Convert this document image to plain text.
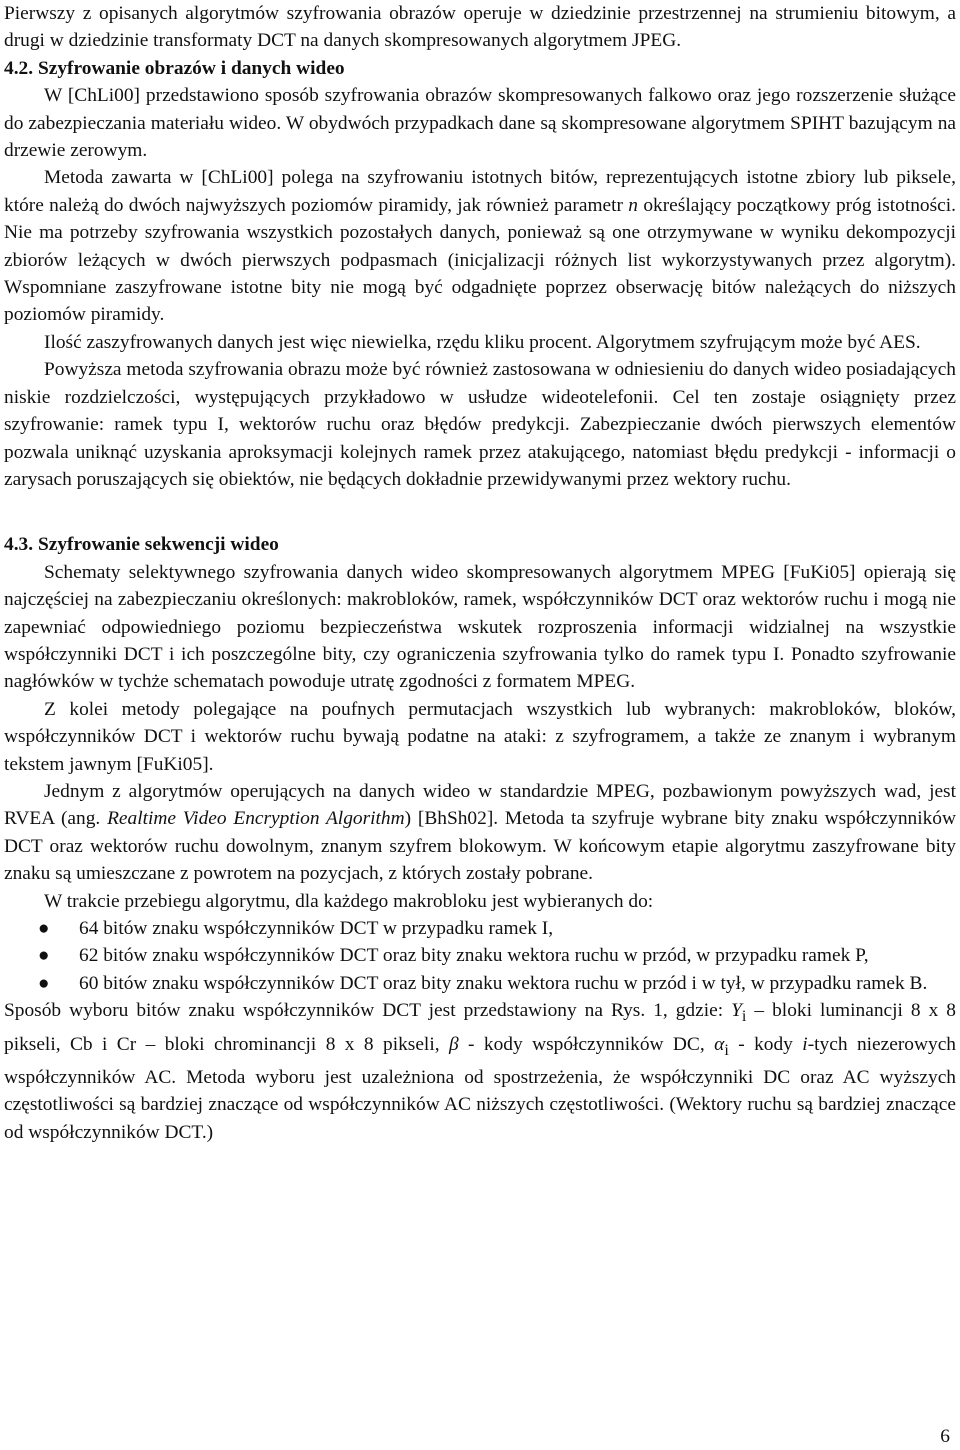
Pierwszy z opisanych algorytmów szyfrowania obrazów operuje w dziedzinie przestrzennej na strumieniu bitowym, a drugi w dziedzinie transformaty DCT na danych skompresowanych algorytmem JPEG.

4.2. Szyfrowanie obrazów i danych wideo

W [ChLi00] przedstawiono sposób szyfrowania obrazów skompresowanych falkowo oraz jego rozszerzenie służące do zabezpieczania materiału wideo. W obydwóch przypadkach dane są skompresowane algorytmem SPIHT bazującym na drzewie zerowym.

Metoda zawarta w [ChLi00] polega na szyfrowaniu istotnych bitów, reprezentujących istotne zbiory lub piksele, które należą do dwóch najwyższych poziomów piramidy, jak również parametr n określający początkowy próg istotności. Nie ma potrzeby szyfrowania wszystkich pozostałych danych, ponieważ są one otrzymywane w wyniku dekompozycji zbiorów leżących w dwóch pierwszych podpasmach (inicjalizacji różnych list wykorzystywanych przez algorytm). Wspomniane zaszyfrowane istotne bity nie mogą być odgadnięte poprzez obserwację bitów należących do niższych poziomów piramidy.

Ilość zaszyfrowanych danych jest więc niewielka, rzędu kliku procent. Algorytmem szyfrującym może być AES.

Powyższa metoda szyfrowania obrazu może być również zastosowana w odniesieniu do danych wideo posiadających niskie rozdzielczości, występujących przykładowo w usłudze wideotelefonii. Cel ten zostaje osiągnięty przez szyfrowanie: ramek typu I, wektorów ruchu oraz błędów predykcji. Zabezpieczanie dwóch pierwszych elementów pozwala uniknąć uzyskania aproksymacji kolejnych ramek przez atakującego, natomiast błędu predykcji - informacji o zarysach poruszających się obiektów, nie będących dokładnie przewidywanymi przez wektory ruchu.

4.3. Szyfrowanie sekwencji wideo

Schematy selektywnego szyfrowania danych wideo skompresowanych algorytmem MPEG [FuKi05] opierają się najczęściej na zabezpieczaniu określonych: makrobloków, ramek, współczynników DCT oraz wektorów ruchu i mogą nie zapewniać odpowiedniego poziomu bezpieczeństwa wskutek rozproszenia informacji widzialnej na wszystkie współczynniki DCT i ich poszczególne bity, czy ograniczenia szyfrowania tylko do ramek typu I. Ponadto szyfrowanie nagłówków w tychże schematach powoduje utratę zgodności z formatem MPEG.

Z kolei metody polegające na poufnych permutacjach wszystkich lub wybranych: makrobloków, bloków, współczynników DCT i wektorów ruchu bywają podatne na ataki: z szyfrogramem, a także ze znanym i wybranym tekstem jawnym [FuKi05].

Jednym z algorytmów operujących na danych wideo w standardzie MPEG, pozbawionym powyższych wad, jest RVEA (ang. Realtime Video Encryption Algorithm) [BhSh02]. Metoda ta szyfruje wybrane bity znaku współczynników DCT oraz wektorów ruchu dowolnym, znanym szyfrem blokowym. W końcowym etapie algorytmu zaszyfrowane bity znaku są umieszczane z powrotem na pozycjach, z których zostały pobrane.

W trakcie przebiegu algorytmu, dla każdego makrobloku jest wybieranych do:

● 64 bitów znaku współczynników DCT w przypadku ramek I,
● 62 bitów znaku współczynników DCT oraz bity znaku wektora ruchu w przód, w przypadku ramek P,
● 60 bitów znaku współczynników DCT oraz bity znaku wektora ruchu w przód i w tył, w przypadku ramek B.

Sposób wyboru bitów znaku współczynników DCT jest przedstawiony na Rys. 1, gdzie: $Y_i$ – bloki luminancji 8 x 8 pikseli, Cb i Cr – bloki chrominancji 8 x 8 pikseli, β - kody współczynników DC, $\alpha_i$ - kody i-tych niezerowych współczynników AC. Metoda wyboru jest uzależniona od spostrzeżenia, że współczynniki DC oraz AC wyższych częstotliwości są bardziej znaczące od współczynników AC niższych częstotliwości. (Wektory ruchu są bardziej znaczące od współczynników DCT.)

6
